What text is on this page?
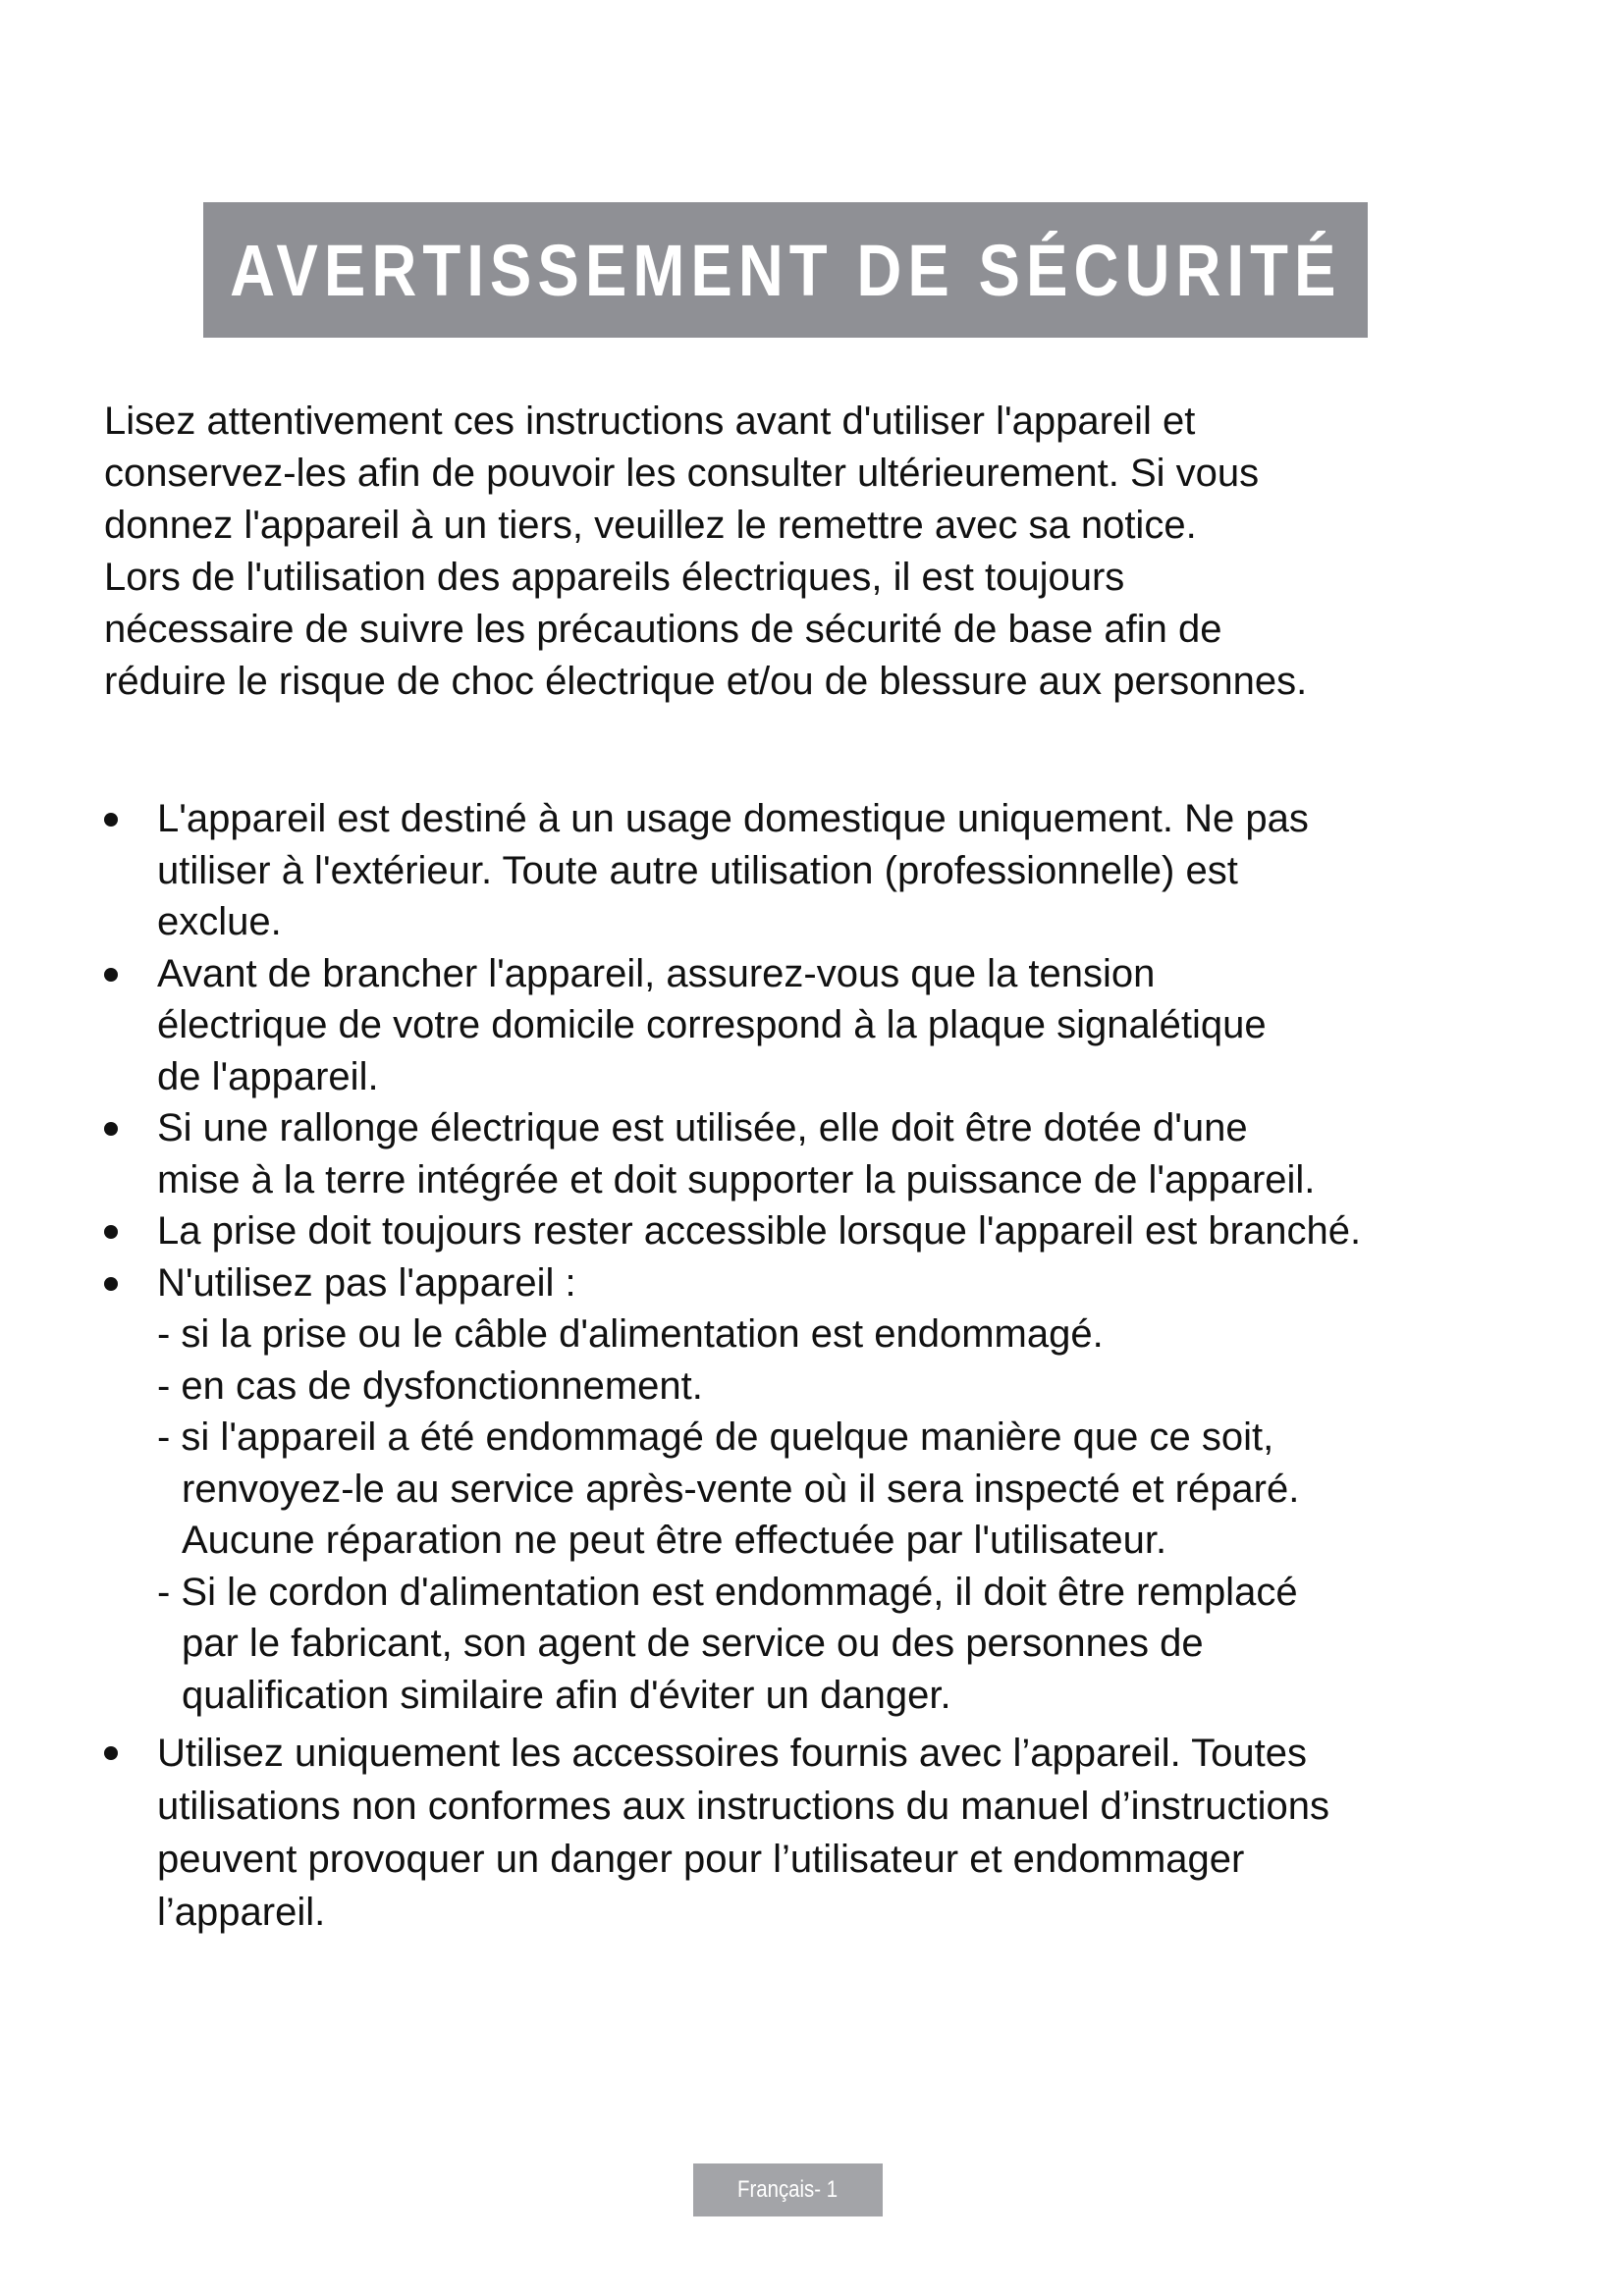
AVERTISSEMENT DE SÉCURITÉ
Lisez attentivement ces instructions avant d'utiliser l'appareil et
conservez-les afin de pouvoir les consulter ultérieurement. Si vous
donnez l'appareil à un tiers, veuillez le remettre avec sa notice.
Lors de l'utilisation des appareils électriques, il est toujours
nécessaire de suivre les précautions de sécurité de base afin de
réduire le risque de choc électrique et/ou de blessure aux personnes.
L'appareil est destiné à un usage domestique uniquement. Ne pas
utiliser à l'extérieur. Toute autre utilisation (professionnelle) est
exclue.
Avant de brancher l'appareil, assurez-vous que la tension
électrique de votre domicile correspond à la plaque signalétique
de l'appareil.
Si une rallonge électrique est utilisée, elle doit être dotée d'une
mise à la terre intégrée et doit supporter la puissance de l'appareil.
La prise doit toujours rester accessible lorsque l'appareil est branché.
N'utilisez pas l'appareil :
- si la prise ou le câble d'alimentation est endommagé.
- en cas de dysfonctionnement.
- si l'appareil a été endommagé de quelque manière que ce soit,
renvoyez-le au service après-vente où il sera inspecté et réparé.
Aucune réparation ne peut être effectuée par l'utilisateur.
- Si le cordon d'alimentation est endommagé, il doit être remplacé
par le fabricant, son agent de service ou des personnes de
qualification similaire afin d'éviter un danger.
Utilisez uniquement les accessoires fournis avec l’appareil. Toutes
utilisations non conformes aux instructions du manuel d’instructions
peuvent provoquer un danger pour l’utilisateur et endommager
l’appareil.
Français- 1
